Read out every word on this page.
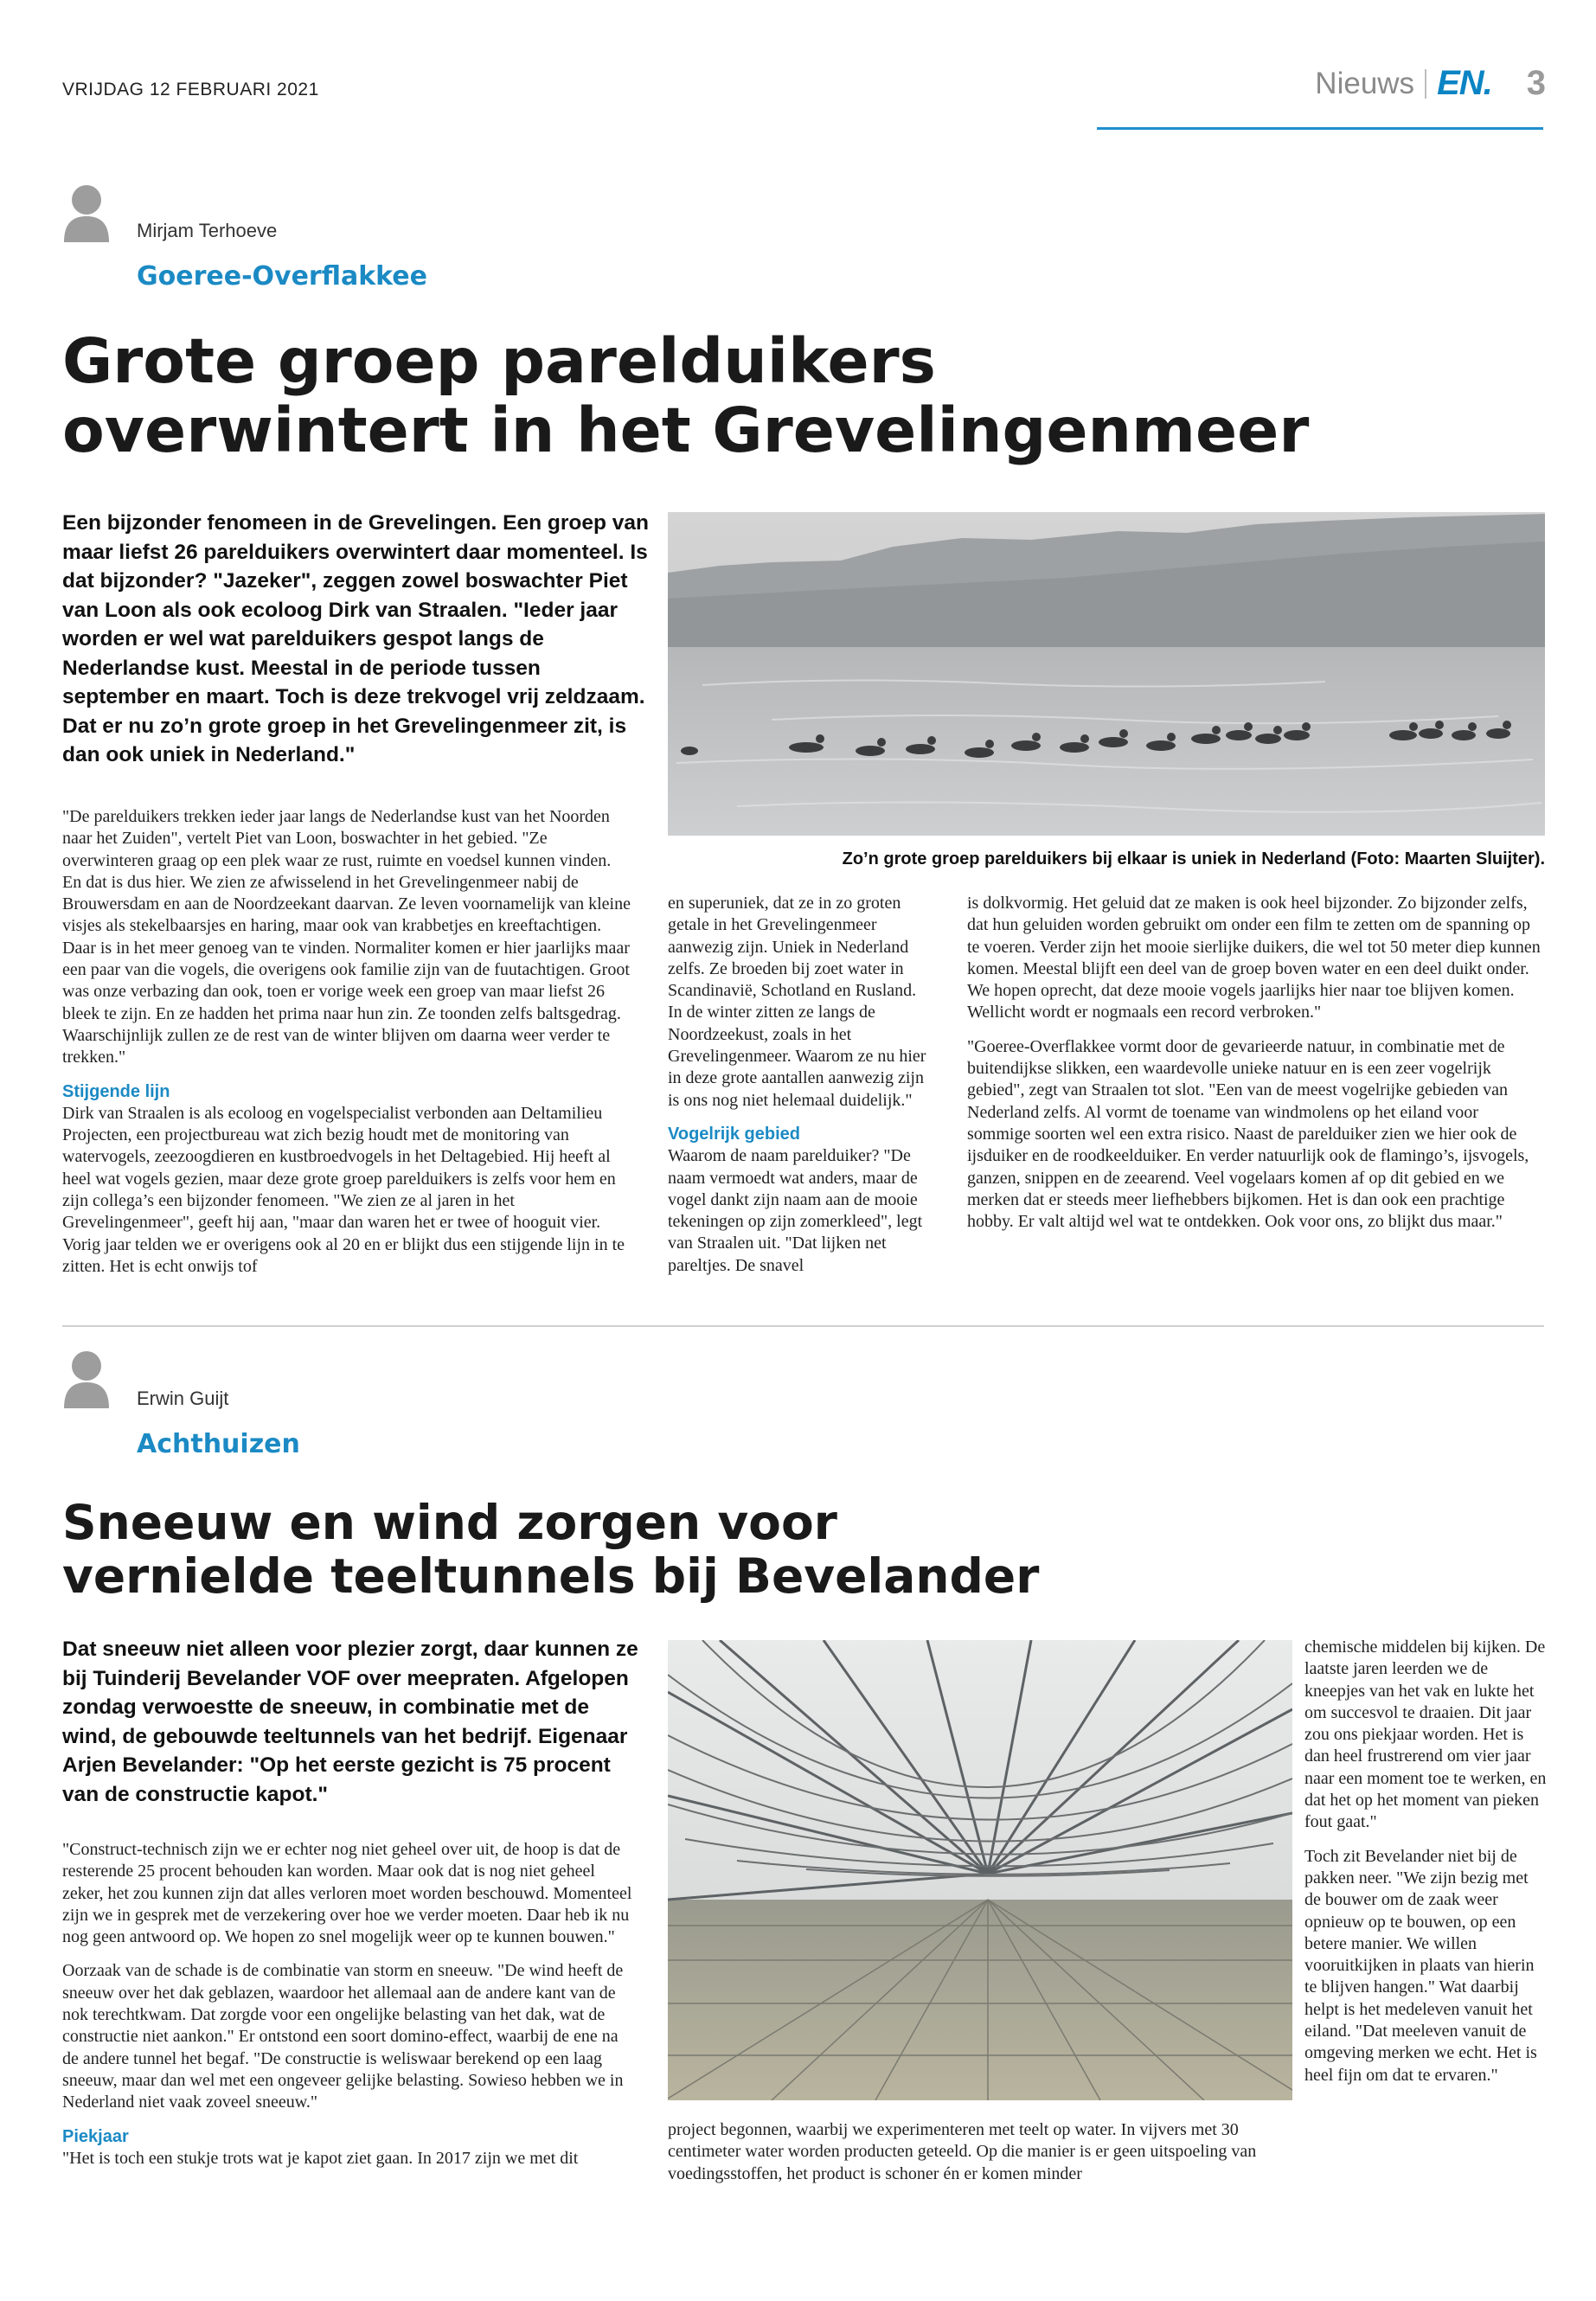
VRIJDAG 12 FEBRUARI 2021	Nieuws EN. 3
Mirjam Terhoeve
Goeree-Overflakkee
Grote groep parelduikers
overwintert in het Grevelingenmeer

Een bijzonder fenomeen in de Grevelingen. Een groep van maar liefst 26 parelduikers overwintert daar momenteel. Is dat bijzonder? "Jazeker", zeggen zowel boswachter Piet van Loon als ook ecoloog Dirk van Straalen. "Ieder jaar worden er wel wat parelduikers gespot langs de Nederlandse kust. Meestal in de periode tussen september en maart. Toch is deze trekvogel vrij zeldzaam. Dat er nu zo’n grote groep in het Grevelingenmeer zit, is dan ook uniek in Nederland."

Zo’n grote groep parelduikers bij elkaar is uniek in Nederland (Foto: Maarten Sluijter).

"De parelduikers trekken ieder jaar langs de Nederlandse kust van het Noorden naar het Zuiden", vertelt Piet van Loon, boswachter in het gebied. "Ze overwinteren graag op een plek waar ze rust, ruimte en voedsel kunnen vinden. En dat is dus hier. We zien ze afwisselend in het Grevelingenmeer nabij de Brouwersdam en aan de Noordzeekant daarvan. Ze leven voornamelijk van kleine visjes als stekelbaarsjes en haring, maar ook van krabbetjes en kreeftachtigen. Daar is in het meer genoeg van te vinden. Normaliter komen er hier jaarlijks maar een paar van die vogels, die overigens ook familie zijn van de fuutachtigen. Groot was onze verbazing dan ook, toen er vorige week een groep van maar liefst 26 bleek te zijn. En ze hadden het prima naar hun zin. Ze toonden zelfs baltsgedrag. Waarschijnlijk zullen ze de rest van de winter blijven om daarna weer verder te trekken."

Stijgende lijn

Dirk van Straalen is als ecoloog en vogelspecialist verbonden aan Deltamilieu Projecten, een projectbureau wat zich bezig houdt met de monitoring van watervogels, zeezoogdieren en kustbroedvogels in het Deltagebied. Hij heeft al heel wat vogels gezien, maar deze grote groep parelduikers is zelfs voor hem en zijn collega’s een bijzonder fenomeen. "We zien ze al jaren in het Grevelingenmeer", geeft hij aan, "maar dan waren het er twee of hooguit vier. Vorig jaar telden we er overigens ook al 20 en er blijkt dus een stijgende lijn in te zitten. Het is echt onwijs tof

en superuniek, dat ze in zo groten getale in het Grevelingenmeer aanwezig zijn. Uniek in Nederland zelfs. Ze broeden bij zoet water in Scandinavië, Schotland en Rusland. In de winter zitten ze langs de Noordzeekust, zoals in het Grevelingenmeer. Waarom ze nu hier in deze grote aantallen aanwezig zijn is ons nog niet helemaal duidelijk."

Vogelrijk gebied

Waarom de naam parelduiker? "De naam vermoedt wat anders, maar de vogel dankt zijn naam aan de mooie tekeningen op zijn zomerkleed", legt van Straalen uit. "Dat lijken net pareltjes. De snavel

is dolkvormig. Het geluid dat ze maken is ook heel bijzonder. Zo bijzonder zelfs, dat hun geluiden worden gebruikt om onder een film te zetten om de spanning op te voeren. Verder zijn het mooie sierlijke duikers, die wel tot 50 meter diep kunnen komen. Meestal blijft een deel van de groep boven water en een deel duikt onder. We hopen oprecht, dat deze mooie vogels jaarlijks hier naar toe blijven komen. Wellicht wordt er nogmaals een record verbroken."

"Goeree-Overflakkee vormt door de gevarieerde natuur, in combinatie met de buitendijkse slikken, een waardevolle unieke natuur en is een zeer vogelrijk gebied", zegt van Straalen tot slot. "Een van de meest vogelrijke gebieden van Nederland zelfs. Al vormt de toename van windmolens op het eiland voor sommige soorten wel een extra risico. Naast de parelduiker zien we hier ook de ijsduiker en de roodkeelduiker. En verder natuurlijk ook de flamingo’s, ijsvogels, ganzen, snippen en de zeearend. Veel vogelaars komen af op dit gebied en we merken dat er steeds meer liefhebbers bijkomen. Het is dan ook een prachtige hobby. Er valt altijd wel wat te ontdekken. Ook voor ons, zo blijkt dus maar."

Erwin Guijt
Achthuizen
Sneeuw en wind zorgen voor
vernielde teeltunnels bij Bevelander

Dat sneeuw niet alleen voor plezier zorgt, daar kunnen ze bij Tuinderij Bevelander VOF over meepraten. Afgelopen zondag verwoestte de sneeuw, in combinatie met de wind, de gebouwde teeltunnels van het bedrijf. Eigenaar Arjen Bevelander: "Op het eerste gezicht is 75 procent van de constructie kapot."

"Construct-technisch zijn we er echter nog niet geheel over uit, de hoop is dat de resterende 25 procent behouden kan worden. Maar ook dat is nog niet geheel zeker, het zou kunnen zijn dat alles verloren moet worden beschouwd. Momenteel zijn we in gesprek met de verzekering over hoe we verder moeten. Daar heb ik nu nog geen antwoord op. We hopen zo snel mogelijk weer op te kunnen bouwen."

Oorzaak van de schade is de combinatie van storm en sneeuw. "De wind heeft de sneeuw over het dak geblazen, waardoor het allemaal aan de andere kant van de nok terechtkwam. Dat zorgde voor een ongelijke belasting van het dak, wat de constructie niet aankon." Er ontstond een soort domino-effect, waarbij de ene na de andere tunnel het begaf. "De constructie is weliswaar berekend op een laag sneeuw, maar dan wel met een ongeveer gelijke belasting. Sowieso hebben we in Nederland niet vaak zoveel sneeuw."

Piekjaar

"Het is toch een stukje trots wat je kapot ziet gaan. In 2017 zijn we met dit

project begonnen, waarbij we experimenteren met teelt op water. In vijvers met 30 centimeter water worden producten geteeld. Op die manier is er geen uitspoeling van voedingsstoffen, het product is schoner én er komen minder

chemische middelen bij kijken. De laatste jaren leerden we de kneepjes van het vak en lukte het om succesvol te draaien. Dit jaar zou ons piekjaar worden. Het is dan heel frustrerend om vier jaar naar een moment toe te werken, en dat het op het moment van pieken fout gaat."

Toch zit Bevelander niet bij de pakken neer. "We zijn bezig met de bouwer om de zaak weer opnieuw op te bouwen, op een betere manier. We willen vooruitkijken in plaats van hierin te blijven hangen." Wat daarbij helpt is het medeleven vanuit het eiland. "Dat meeleven vanuit de omgeving merken we echt. Het is heel fijn om dat te ervaren."
